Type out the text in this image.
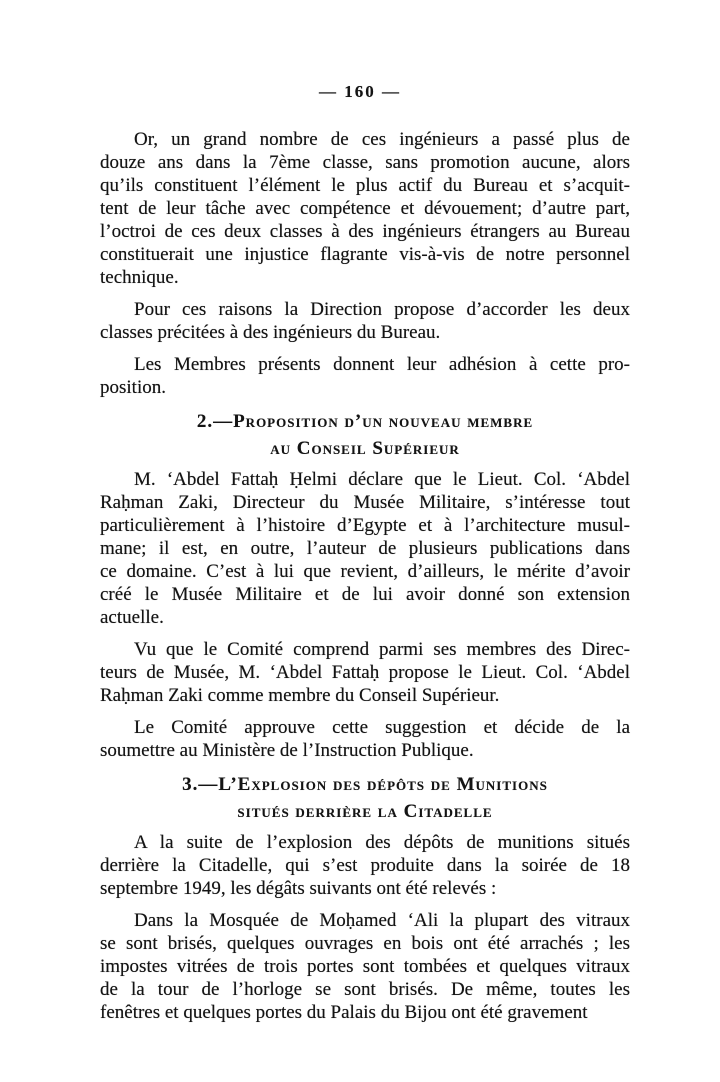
— 160 —
Or, un grand nombre de ces ingénieurs a passé plus de
douze ans dans la 7ème classe, sans promotion aucune, alors
qu’ils constituent l’élément le plus actif du Bureau et s’acquit-
tent de leur tâche avec compétence et dévouement; d’autre part,
l’octroi de ces deux classes à des ingénieurs étrangers au Bureau
constituerait une injustice flagrante vis-à-vis de notre personnel
technique.
Pour ces raisons la Direction propose d’accorder les deux
classes précitées à des ingénieurs du Bureau.
Les Membres présents donnent leur adhésion à cette pro-
position.
2.—Proposition d’un nouveau membre
au Conseil Supérieur
M. ‘Abdel Fattaḥ Ḥelmi déclare que le Lieut. Col. ‘Abdel
Raḥman Zaki, Directeur du Musée Militaire, s’intéresse tout
particulièrement à l’histoire d’Egypte et à l’architecture musul-
mane; il est, en outre, l’auteur de plusieurs publications dans
ce domaine. C’est à lui que revient, d’ailleurs, le mérite d’avoir
créé le Musée Militaire et de lui avoir donné son extension
actuelle.
Vu que le Comité comprend parmi ses membres des Direc-
teurs de Musée, M. ‘Abdel Fattaḥ propose le Lieut. Col. ‘Abdel
Raḥman Zaki comme membre du Conseil Supérieur.
Le Comité approuve cette suggestion et décide de la
soumettre au Ministère de l’Instruction Publique.
3.—L’Explosion des dépôts de Munitions
situés derrière la Citadelle
A la suite de l’explosion des dépôts de munitions situés
derrière la Citadelle, qui s’est produite dans la soirée de 18
septembre 1949, les dégâts suivants ont été relevés :
Dans la Mosquée de Moḥamed ‘Ali la plupart des vitraux
se sont brisés, quelques ouvrages en bois ont été arrachés ; les
impostes vitrées de trois portes sont tombées et quelques vitraux
de la tour de l’horloge se sont brisés. De même, toutes les
fenêtres et quelques portes du Palais du Bijou ont été gravement
